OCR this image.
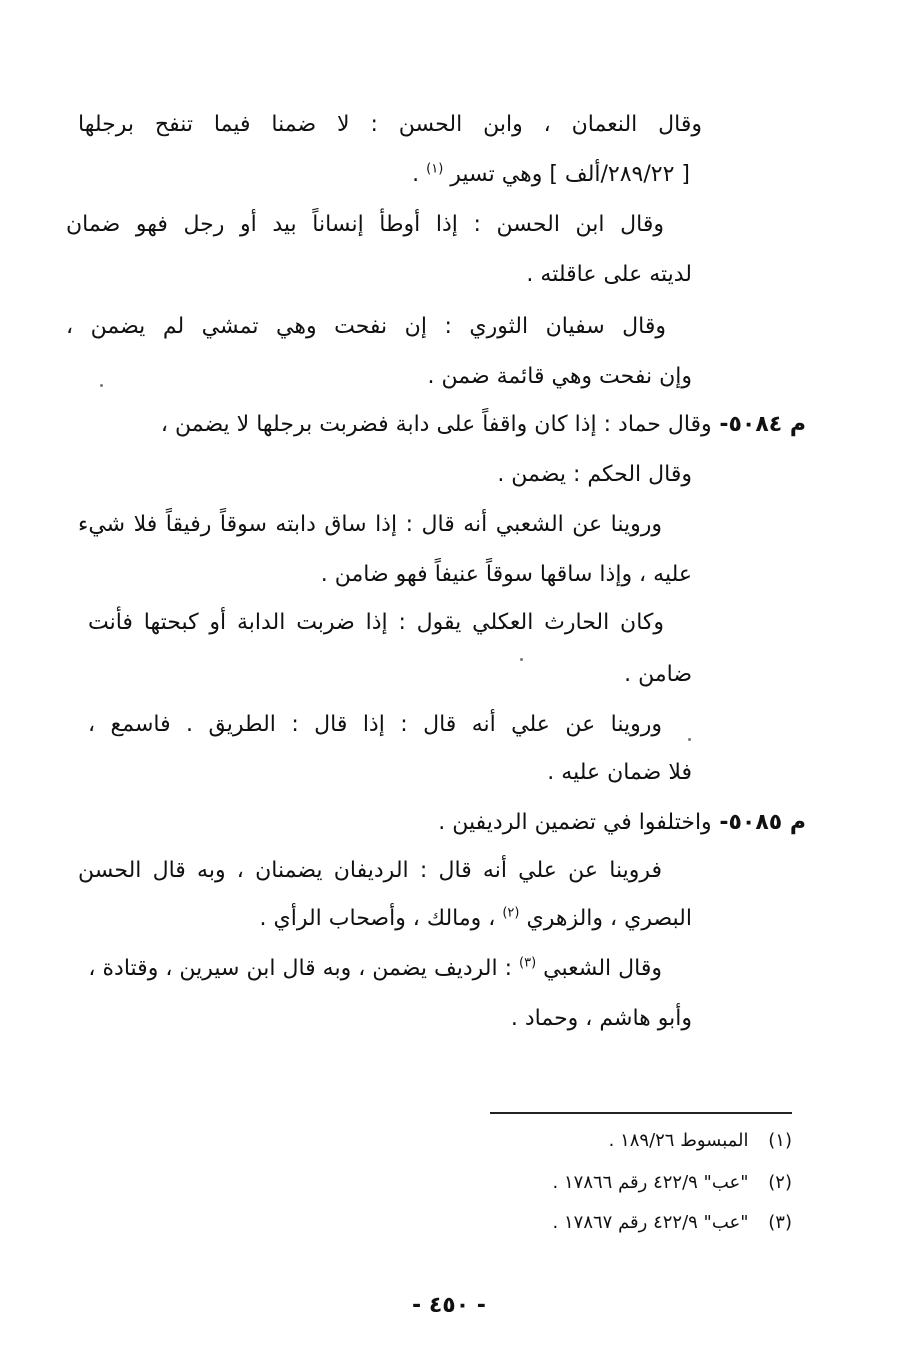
وقال النعمان ، وابن الحسن : لا ضمنا فيما تنفح برجلها
[ ٢٨٩/٢٢/ألف ] وهي تسير $^{(١)}$ .
وقال ابن الحسن : إذا أوطأ إنساناً بيد أو رجل فهو ضمان
لديته على عاقلته .
وقال سفيان الثوري : إن نفحت وهي تمشي لم يضمن ،
وإن نفحت وهي قائمة ضمن .
م ٥٠٨٤- وقال حماد : إذا كان واقفاً على دابة فضربت برجلها لا يضمن ،
وقال الحكم : يضمن .
وروينا عن الشعبي أنه قال : إذا ساق دابته سوقاً رفيقاً فلا شيء
عليه ، وإذا ساقها سوقاً عنيفاً فهو ضامن .
وكان الحارث العكلي يقول : إذا ضربت الدابة أو كبحتها فأنت
ضامن .
وروينا عن علي أنه قال : إذا قال : الطريق . فاسمع ،
فلا ضمان عليه .
م ٥٠٨٥- واختلفوا في تضمين الرديفين .
فروينا عن علي أنه قال : الرديفان يضمنان ، وبه قال الحسن
البصري ، والزهري $^{(٢)}$ ، ومالك ، وأصحاب الرأي .
وقال الشعبي $^{(٣)}$ : الرديف يضمن ، وبه قال ابن سيرين ، وقتادة ،
وأبو هاشم ، وحماد .
(١) المبسوط ١٨٩/٢٦ .
(٢) "عب" ٤٢٢/٩ رقم ١٧٨٦٦ .
(٣) "عب" ٤٢٢/٩ رقم ١٧٨٦٧ .
- ٤٥٠ -
